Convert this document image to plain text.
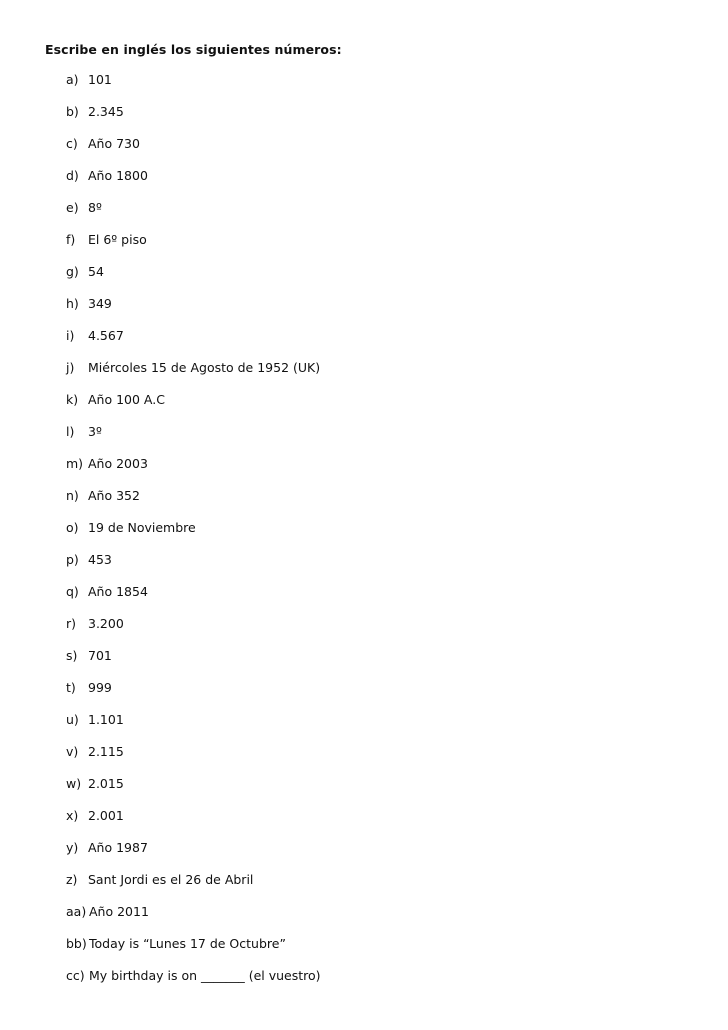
Escribe en inglés los siguientes números:
a) 101
b) 2.345
c) Año 730
d) Año 1800
e) 8º
f)	El 6º piso
g) 54
h) 349
i)	4.567
j)	Miércoles 15 de Agosto de 1952 (UK)
k) Año 100 A.C
l)	3º
m) Año 2003
n) Año 352
o) 19 de Noviembre
p) 453
q) Año 1854
r) 3.200
s) 701
t) 999
u) 1.101
v) 2.115
w) 2.015
x) 2.001
y) Año 1987
z) Sant Jordi es el 26 de Abril
aa) Año 2011
bb) Today is “Lunes 17 de Octubre”
cc) My birthday is on _______ (el vuestro)
